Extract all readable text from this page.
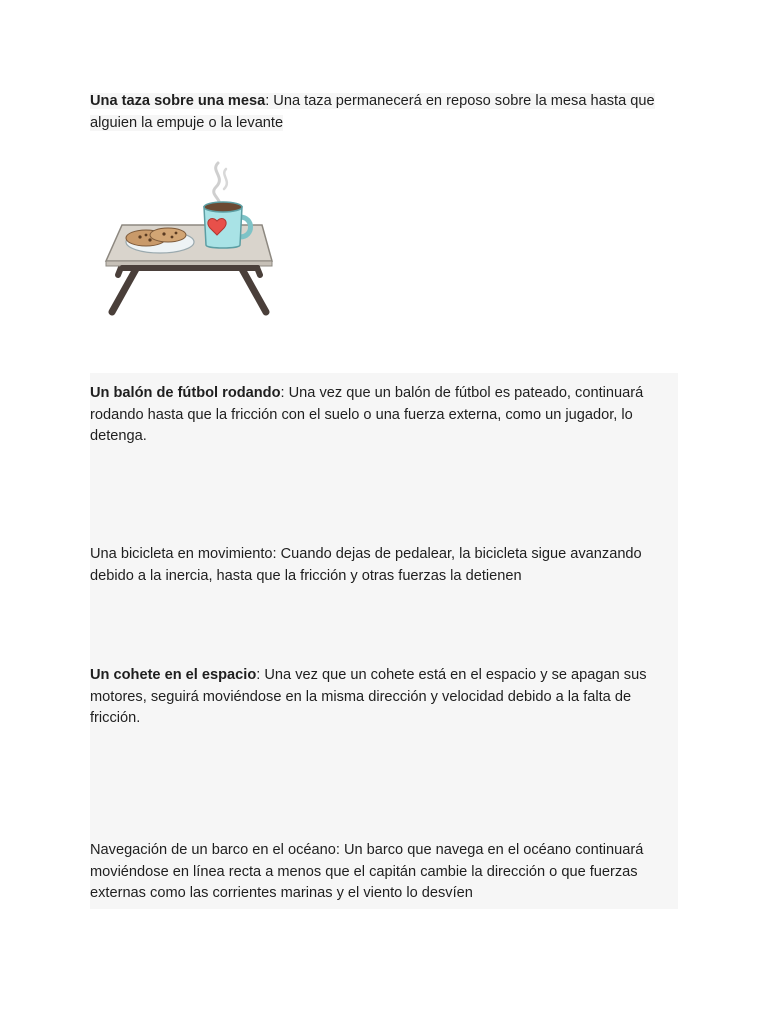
Una taza sobre una mesa: Una taza permanecerá en reposo sobre la mesa hasta que alguien la empuje o la levante

Un balón de fútbol rodando: Una vez que un balón de fútbol es pateado, continuará rodando hasta que la fricción con el suelo o una fuerza externa, como un jugador, lo detenga.

Una bicicleta en movimiento: Cuando dejas de pedalear, la bicicleta sigue avanzando debido a la inercia, hasta que la fricción y otras fuerzas la detienen

Un cohete en el espacio: Una vez que un cohete está en el espacio y se apagan sus motores, seguirá moviéndose en la misma dirección y velocidad debido a la falta de fricción.

Navegación de un barco en el océano: Un barco que navega en el océano continuará moviéndose en línea recta a menos que el capitán cambie la dirección o que fuerzas externas como las corrientes marinas y el viento lo desvíen
